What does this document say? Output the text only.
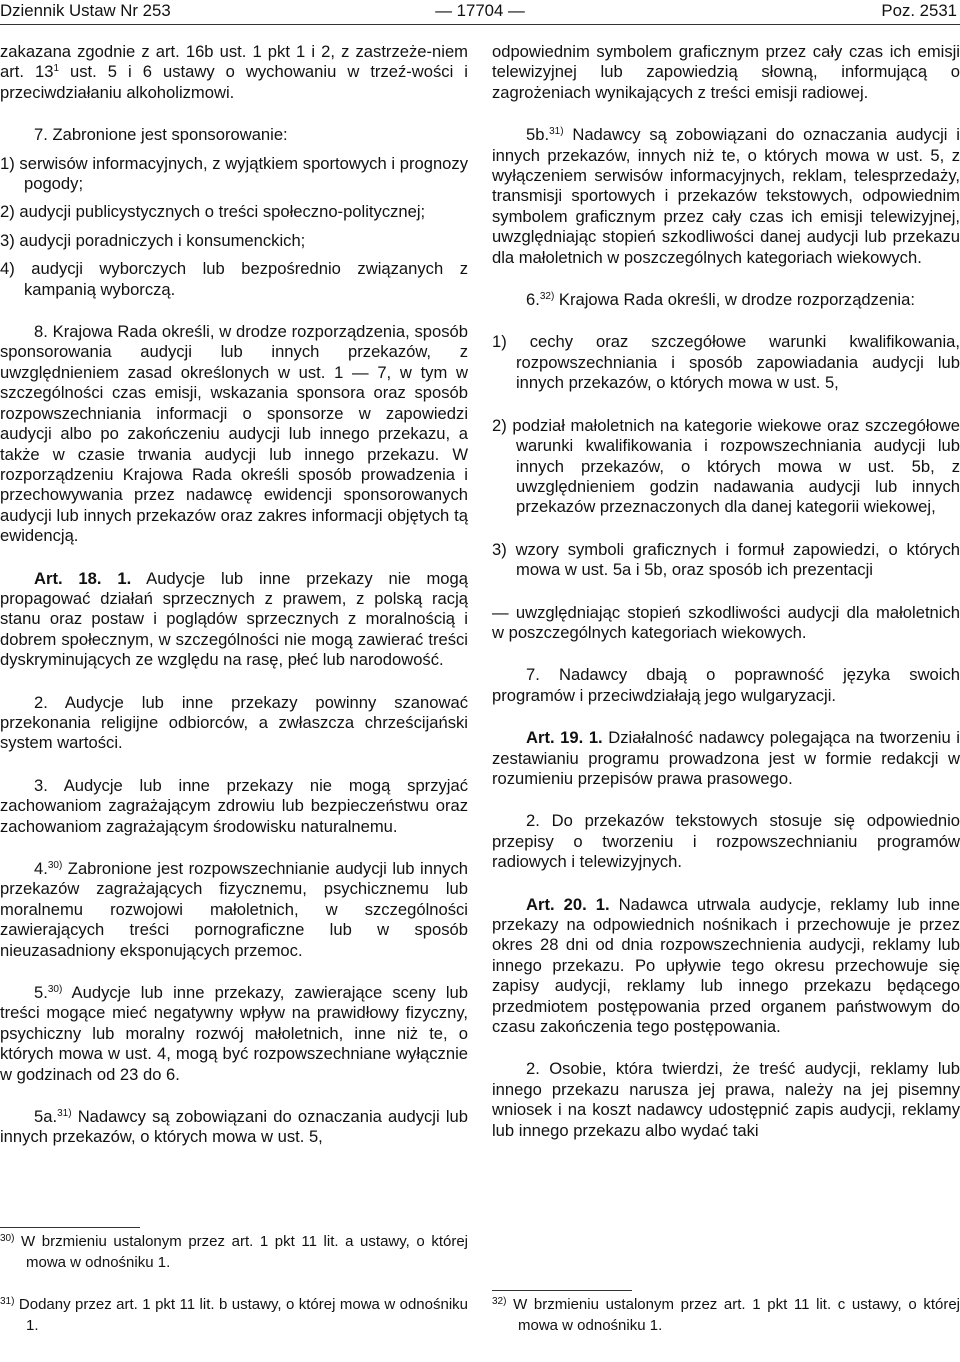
Dziennik Ustaw Nr 253	— 17704 —	Poz. 2531

zakazana zgodnie z art. 16b ust. 1 pkt 1 i 2, z zastrzeże-niem art. $13^1$ ust. 5 i 6 ustawy o wychowaniu w trzeź-wości i przeciwdziałaniu alkoholizmowi.

7. Zabronione jest sponsorowanie:

1) serwisów informacyjnych, z wyjątkiem sportowych i prognozy pogody;

2) audycji publicystycznych o treści społeczno-politycznej;

3) audycji poradniczych i konsumenckich;

4) audycji wyborczych lub bezpośrednio związanych z kampanią wyborczą.

8. Krajowa Rada określi, w drodze rozporządzenia, sposób sponsorowania audycji lub innych przekazów, z uwzględnieniem zasad określonych w ust. 1 — 7, w tym w szczególności czas emisji, wskazania sponsora oraz sposób rozpowszechniania informacji o sponsorze w zapowiedzi audycji albo po zakończeniu audycji lub innego przekazu, a także w czasie trwania audycji lub innego przekazu. W rozporządzeniu Krajowa Rada określi sposób prowadzenia i przechowywania przez nadawcę ewidencji sponsorowanych audycji lub innych przekazów oraz zakres informacji objętych tą ewidencją.

Art. 18. 1. Audycje lub inne przekazy nie mogą propagować działań sprzecznych z prawem, z polską racją stanu oraz postaw i poglądów sprzecznych z moralnością i dobrem społecznym, w szczególności nie mogą zawierać treści dyskryminujących ze względu na rasę, płeć lub narodowość.

2. Audycje lub inne przekazy powinny szanować przekonania religijne odbiorców, a zwłaszcza chrześcijański system wartości.

3. Audycje lub inne przekazy nie mogą sprzyjać zachowaniom zagrażającym zdrowiu lub bezpieczeństwu oraz zachowaniom zagrażającym środowisku naturalnemu.

4.$^{30)}$ Zabronione jest rozpowszechnianie audycji lub innych przekazów zagrażających fizycznemu, psychicznemu lub moralnemu rozwojowi małoletnich, w szczególności zawierających treści pornograficzne lub w sposób nieuzasadniony eksponujących przemoc.

5.$^{30)}$ Audycje lub inne przekazy, zawierające sceny lub treści mogące mieć negatywny wpływ na prawidłowy fizyczny, psychiczny lub moralny rozwój małoletnich, inne niż te, o których mowa w ust. 4, mogą być rozpowszechniane wyłącznie w godzinach od 23 do 6.

5a.$^{31)}$ Nadawcy są zobowiązani do oznaczania audycji lub innych przekazów, o których mowa w ust. 5,

$^{30)}$ W brzmieniu ustalonym przez art. 1 pkt 11 lit. a ustawy, o której mowa w odnośniku 1.

$^{31)}$ Dodany przez art. 1 pkt 11 lit. b ustawy, o której mowa w odnośniku 1.

odpowiednim symbolem graficznym przez cały czas ich emisji telewizyjnej lub zapowiedzią słowną, informującą o zagrożeniach wynikających z treści emisji radiowej.

5b.$^{31)}$ Nadawcy są zobowiązani do oznaczania audycji i innych przekazów, innych niż te, o których mowa w ust. 5, z wyłączeniem serwisów informacyjnych, reklam, telesprzedaży, transmisji sportowych i przekazów tekstowych, odpowiednim symbolem graficznym przez cały czas ich emisji telewizyjnej, uwzględniając stopień szkodliwości danej audycji lub przekazu dla małoletnich w poszczególnych kategoriach wiekowych.

6.$^{32)}$ Krajowa Rada określi, w drodze rozporządzenia:

1) cechy oraz szczegółowe warunki kwalifikowania, rozpowszechniania i sposób zapowiadania audycji lub innych przekazów, o których mowa w ust. 5,

2) podział małoletnich na kategorie wiekowe oraz szczegółowe warunki kwalifikowania i rozpowszechniania audycji lub innych przekazów, o których mowa w ust. 5b, z uwzględnieniem godzin nadawania audycji lub innych przekazów przeznaczonych dla danej kategorii wiekowej,

3) wzory symboli graficznych i formuł zapowiedzi, o których mowa w ust. 5a i 5b, oraz sposób ich prezentacji

— uwzględniając stopień szkodliwości audycji dla małoletnich w poszczególnych kategoriach wiekowych.

7. Nadawcy dbają o poprawność języka swoich programów i przeciwdziałają jego wulgaryzacji.

Art. 19. 1. Działalność nadawcy polegająca na tworzeniu i zestawianiu programu prowadzona jest w formie redakcji w rozumieniu przepisów prawa prasowego.

2. Do przekazów tekstowych stosuje się odpowiednio przepisy o tworzeniu i rozpowszechnianiu programów radiowych i telewizyjnych.

Art. 20. 1. Nadawca utrwala audycje, reklamy lub inne przekazy na odpowiednich nośnikach i przechowuje je przez okres 28 dni od dnia rozpowszechnienia audycji, reklamy lub innego przekazu. Po upływie tego okresu przechowuje się zapisy audycji, reklamy lub innego przekazu będącego przedmiotem postępowania przed organem państwowym do czasu zakończenia tego postępowania.

2. Osobie, która twierdzi, że treść audycji, reklamy lub innego przekazu narusza jej prawa, należy na jej pisemny wniosek i na koszt nadawcy udostępnić zapis audycji, reklamy lub innego przekazu albo wydać taki

$^{32)}$ W brzmieniu ustalonym przez art. 1 pkt 11 lit. c ustawy, o której mowa w odnośniku 1.
